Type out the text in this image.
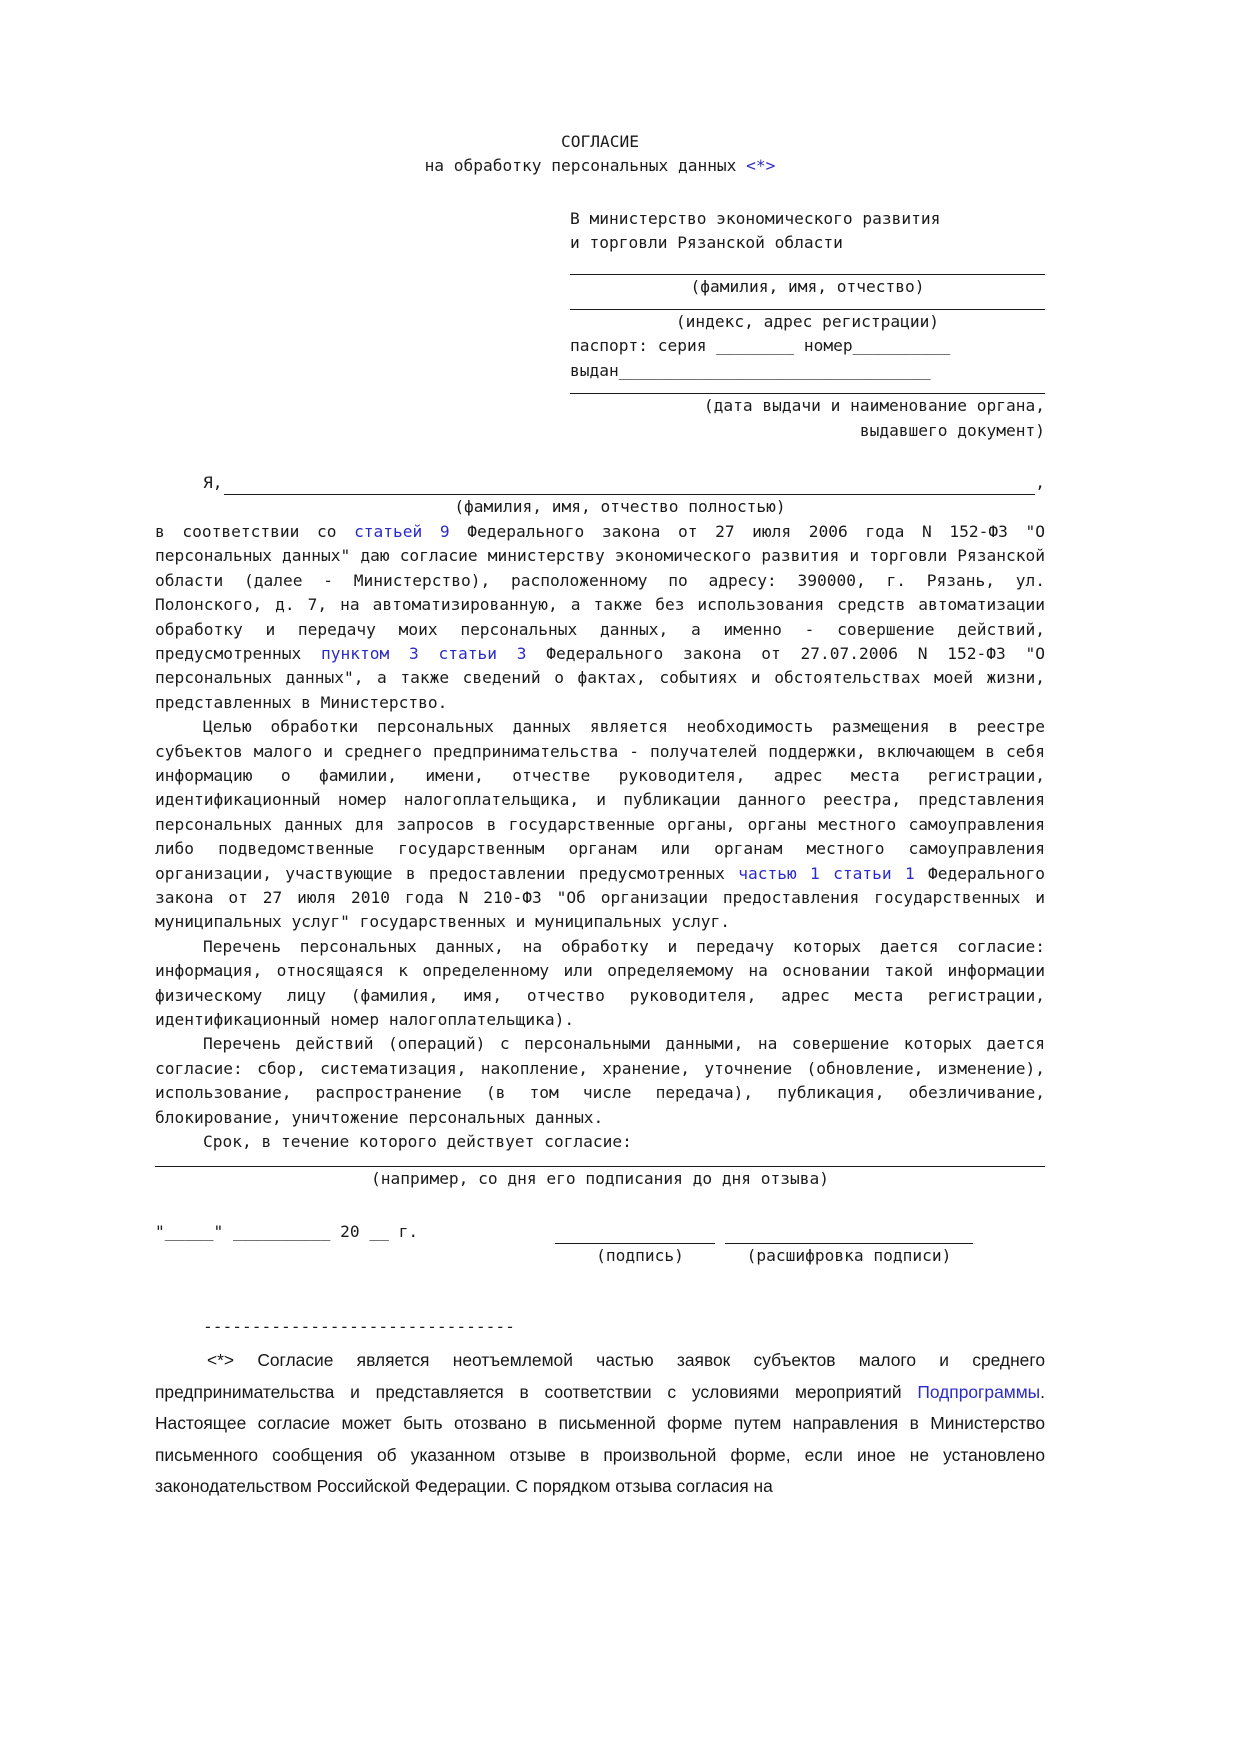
СОГЛАСИЕ
на обработку персональных данных <*>
В министерство экономического развития
и торговли Рязанской области
(фамилия, имя, отчество)
(индекс, адрес регистрации)
паспорт: серия ________ номер__________
выдан________________________________
(дата выдачи и наименование органа,
выдавшего документ)
Я,	,
(фамилия, имя, отчество полностью)
в соответствии со статьей 9 Федерального закона от 27 июля 2006 года N 152-ФЗ "О персональных данных" даю согласие министерству экономического развития и торговли Рязанской области (далее - Министерство), расположенному по адресу: 390000, г. Рязань, ул. Полонского, д. 7, на автоматизированную, а также без использования средств автоматизации обработку и передачу моих персональных данных, а именно - совершение действий, предусмотренных пунктом 3 статьи 3 Федерального закона от 27.07.2006 N 152-ФЗ "О персональных данных", а также сведений о фактах, событиях и обстоятельствах моей жизни, представленных в Министерство.
Целью обработки персональных данных является необходимость размещения в реестре субъектов малого и среднего предпринимательства - получателей поддержки, включающем в себя информацию о фамилии, имени, отчестве руководителя, адрес места регистрации, идентификационный номер налогоплательщика, и публикации данного реестра, представления персональных данных для запросов в государственные органы, органы местного самоуправления либо подведомственные государственным органам или органам местного самоуправления организации, участвующие в предоставлении предусмотренных частью 1 статьи 1 Федерального закона от 27 июля 2010 года N 210-ФЗ "Об организации предоставления государственных и муниципальных услуг" государственных и муниципальных услуг.
Перечень персональных данных, на обработку и передачу которых дается согласие: информация, относящаяся к определенному или определяемому на основании такой информации физическому лицу (фамилия, имя, отчество руководителя, адрес места регистрации, идентификационный номер налогоплательщика).
Перечень действий (операций) с персональными данными, на совершение которых дается согласие: сбор, систематизация, накопление, хранение, уточнение (обновление, изменение), использование, распространение (в том числе передача), публикация, обезличивание, блокирование, уничтожение персональных данных.
Срок, в течение которого действует согласие:
(например, со дня его подписания до дня отзыва)
"_____" __________ 20 __ г.
(подпись)	(расшифровка подписи)
--------------------------------

<*> Согласие является неотъемлемой частью заявок субъектов малого и среднего предпринимательства и представляется в соответствии с условиями мероприятий Подпрограммы. Настоящее согласие может быть отозвано в письменной форме путем направления в Министерство письменного сообщения об указанном отзыве в произвольной форме, если иное не установлено законодательством Российской Федерации. С порядком отзыва согласия на
